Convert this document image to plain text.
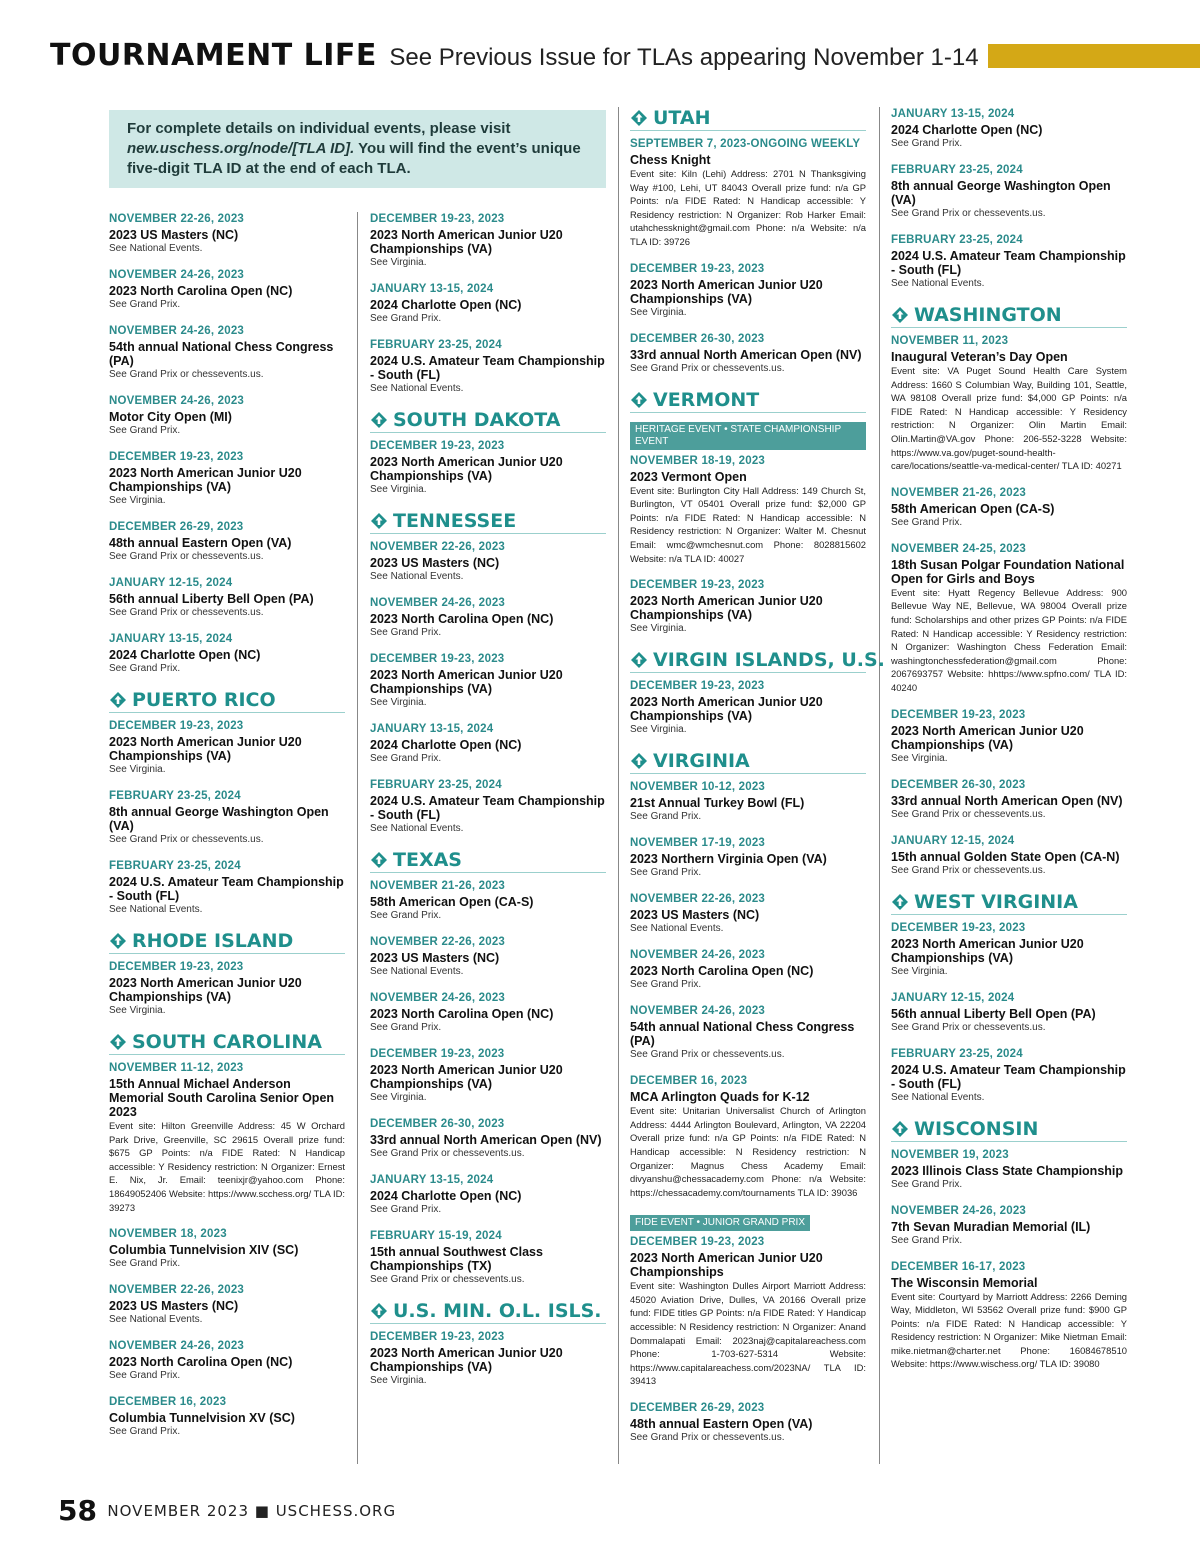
TOURNAMENT LIFE See Previous Issue for TLAs appearing November 1-14
For complete details on individual events, please visit
new.uschess.org/node/[TLA ID]. You will find the event’s unique five-digit TLA ID at the end of each TLA.
NOVEMBER 22-26, 2023
2023 US Masters (NC)
See National Events.
NOVEMBER 24-26, 2023
2023 North Carolina Open (NC)
See Grand Prix.
NOVEMBER 24-26, 2023
54th annual National Chess Congress (PA)
See Grand Prix or chessevents.us.
NOVEMBER 24-26, 2023
Motor City Open (MI)
See Grand Prix.
DECEMBER 19-23, 2023
2023 North American Junior U20 Championships (VA)
See Virginia.
DECEMBER 26-29, 2023
48th annual Eastern Open (VA)
See Grand Prix or chessevents.us.
JANUARY 12-15, 2024
56th annual Liberty Bell Open (PA)
See Grand Prix or chessevents.us.
JANUARY 13-15, 2024
2024 Charlotte Open (NC)
See Grand Prix.
PUERTO RICO
DECEMBER 19-23, 2023
2023 North American Junior U20 Championships (VA)
See Virginia.
FEBRUARY 23-25, 2024
8th annual George Washington Open (VA)
See Grand Prix or chessevents.us.
FEBRUARY 23-25, 2024
2024 U.S. Amateur Team Championship - South (FL)
See National Events.
RHODE ISLAND
DECEMBER 19-23, 2023
2023 North American Junior U20 Championships (VA)
See Virginia.
SOUTH CAROLINA
NOVEMBER 11-12, 2023
15th Annual Michael Anderson Memorial South Carolina Senior Open 2023
Event site: Hilton Greenville Address: 45 W Orchard Park Drive, Greenville, SC 29615 Overall prize fund: $675 GP Points: n/a FIDE Rated: N Handicap accessible: Y Residency restriction: N Organizer: Ernest E. Nix, Jr. Email: teenixjr@yahoo.com Phone: 18649052406 Website: https://www.scchess.org/ TLA ID: 39273
NOVEMBER 18, 2023
Columbia Tunnelvision XIV (SC)
See Grand Prix.
NOVEMBER 22-26, 2023
2023 US Masters (NC)
See National Events.
NOVEMBER 24-26, 2023
2023 North Carolina Open (NC)
See Grand Prix.
DECEMBER 16, 2023
Columbia Tunnelvision XV (SC)
See Grand Prix.
DECEMBER 19-23, 2023
2023 North American Junior U20 Championships (VA)
See Virginia.
JANUARY 13-15, 2024
2024 Charlotte Open (NC)
See Grand Prix.
FEBRUARY 23-25, 2024
2024 U.S. Amateur Team Championship - South (FL)
See National Events.
SOUTH DAKOTA
DECEMBER 19-23, 2023
2023 North American Junior U20 Championships (VA)
See Virginia.
TENNESSEE
NOVEMBER 22-26, 2023
2023 US Masters (NC)
See National Events.
NOVEMBER 24-26, 2023
2023 North Carolina Open (NC)
See Grand Prix.
DECEMBER 19-23, 2023
2023 North American Junior U20 Championships (VA)
See Virginia.
JANUARY 13-15, 2024
2024 Charlotte Open (NC)
See Grand Prix.
FEBRUARY 23-25, 2024
2024 U.S. Amateur Team Championship - South (FL)
See National Events.
TEXAS
NOVEMBER 21-26, 2023
58th American Open (CA-S)
See Grand Prix.
NOVEMBER 22-26, 2023
2023 US Masters (NC)
See National Events.
NOVEMBER 24-26, 2023
2023 North Carolina Open (NC)
See Grand Prix.
DECEMBER 19-23, 2023
2023 North American Junior U20 Championships (VA)
See Virginia.
DECEMBER 26-30, 2023
33rd annual North American Open (NV)
See Grand Prix or chessevents.us.
JANUARY 13-15, 2024
2024 Charlotte Open (NC)
See Grand Prix.
FEBRUARY 15-19, 2024
15th annual Southwest Class Championships (TX)
See Grand Prix or chessevents.us.
U.S. MIN. O.L. ISLS.
DECEMBER 19-23, 2023
2023 North American Junior U20 Championships (VA)
See Virginia.
UTAH
SEPTEMBER 7, 2023-ONGOING WEEKLY
Chess Knight
Event site: Kiln (Lehi) Address: 2701 N Thanksgiving Way #100, Lehi, UT 84043 Overall prize fund: n/a GP Points: n/a FIDE Rated: N Handicap accessible: Y Residency restriction: N Organizer: Rob Harker Email: utahchessknight@gmail.com Phone: n/a Website: n/a TLA ID: 39726
DECEMBER 19-23, 2023
2023 North American Junior U20 Championships (VA)
See Virginia.
DECEMBER 26-30, 2023
33rd annual North American Open (NV)
See Grand Prix or chessevents.us.
VERMONT
HERITAGE EVENT • STATE CHAMPIONSHIP EVENT
NOVEMBER 18-19, 2023
2023 Vermont Open
Event site: Burlington City Hall Address: 149 Church St, Burlington, VT 05401 Overall prize fund: $2,000 GP Points: n/a FIDE Rated: N Handicap accessible: N Residency restriction: N Organizer: Walter M. Chesnut Email: wmc@wmchesnut.com Phone: 8028815602 Website: n/a TLA ID: 40027
DECEMBER 19-23, 2023
2023 North American Junior U20 Championships (VA)
See Virginia.
VIRGIN ISLANDS, U.S.
DECEMBER 19-23, 2023
2023 North American Junior U20 Championships (VA)
See Virginia.
VIRGINIA
NOVEMBER 10-12, 2023
21st Annual Turkey Bowl (FL)
See Grand Prix.
NOVEMBER 17-19, 2023
2023 Northern Virginia Open (VA)
See Grand Prix.
NOVEMBER 22-26, 2023
2023 US Masters (NC)
See National Events.
NOVEMBER 24-26, 2023
2023 North Carolina Open (NC)
See Grand Prix.
NOVEMBER 24-26, 2023
54th annual National Chess Congress (PA)
See Grand Prix or chessevents.us.
DECEMBER 16, 2023
MCA Arlington Quads for K-12
Event site: Unitarian Universalist Church of Arlington Address: 4444 Arlington Boulevard, Arlington, VA 22204 Overall prize fund: n/a GP Points: n/a FIDE Rated: N Handicap accessible: N Residency restriction: N Organizer: Magnus Chess Academy Email: divyanshu@chessacademy.com Phone: n/a Website: https://chessacademy.com/tournaments TLA ID: 39036
FIDE EVENT • JUNIOR GRAND PRIX
DECEMBER 19-23, 2023
2023 North American Junior U20 Championships
Event site: Washington Dulles Airport Marriott Address: 45020 Aviation Drive, Dulles, VA 20166 Overall prize fund: FIDE titles GP Points: n/a FIDE Rated: Y Handicap accessible: N Residency restriction: N Organizer: Anand Dommalapati Email: 2023naj@capitalareachess.com Phone: 1-703-627-5314 Website: https://www.capitalareachess.com/2023NA/ TLA ID: 39413
DECEMBER 26-29, 2023
48th annual Eastern Open (VA)
See Grand Prix or chessevents.us.
JANUARY 13-15, 2024
2024 Charlotte Open (NC)
See Grand Prix.
FEBRUARY 23-25, 2024
8th annual George Washington Open (VA)
See Grand Prix or chessevents.us.
FEBRUARY 23-25, 2024
2024 U.S. Amateur Team Championship - South (FL)
See National Events.
WASHINGTON
NOVEMBER 11, 2023
Inaugural Veteran’s Day Open
Event site: VA Puget Sound Health Care System Address: 1660 S Columbian Way, Building 101, Seattle, WA 98108 Overall prize fund: $4,000 GP Points: n/a FIDE Rated: N Handicap accessible: Y Residency restriction: N Organizer: Olin Martin Email: Olin.Martin@VA.gov Phone: 206-552-3228 Website: https://www.va.gov/puget-sound-health-care/locations/seattle-va-medical-center/ TLA ID: 40271
NOVEMBER 21-26, 2023
58th American Open (CA-S)
See Grand Prix.
NOVEMBER 24-25, 2023
18th Susan Polgar Foundation National Open for Girls and Boys
Event site: Hyatt Regency Bellevue Address: 900 Bellevue Way NE, Bellevue, WA 98004 Overall prize fund: Scholarships and other prizes GP Points: n/a FIDE Rated: N Handicap accessible: Y Residency restriction: N Organizer: Washington Chess Federation Email: washingtonchessfederation@gmail.com Phone: 2067693757 Website: hhttps://www.spfno.com/ TLA ID: 40240
DECEMBER 19-23, 2023
2023 North American Junior U20 Championships (VA)
See Virginia.
DECEMBER 26-30, 2023
33rd annual North American Open (NV)
See Grand Prix or chessevents.us.
JANUARY 12-15, 2024
15th annual Golden State Open (CA-N)
See Grand Prix or chessevents.us.
WEST VIRGINIA
DECEMBER 19-23, 2023
2023 North American Junior U20 Championships (VA)
See Virginia.
JANUARY 12-15, 2024
56th annual Liberty Bell Open (PA)
See Grand Prix or chessevents.us.
FEBRUARY 23-25, 2024
2024 U.S. Amateur Team Championship - South (FL)
See National Events.
WISCONSIN
NOVEMBER 19, 2023
2023 Illinois Class State Championship
See Grand Prix.
NOVEMBER 24-26, 2023
7th Sevan Muradian Memorial (IL)
See Grand Prix.
DECEMBER 16-17, 2023
The Wisconsin Memorial
Event site: Courtyard by Marriott Address: 2266 Deming Way, Middleton, WI 53562 Overall prize fund: $900 GP Points: n/a FIDE Rated: N Handicap accessible: Y Residency restriction: N Organizer: Mike Nietman Email: mike.nietman@charter.net Phone: 16084678510 Website: https://www.wischess.org/ TLA ID: 39080
58 NOVEMBER 2023 ■ USCHESS.ORG
